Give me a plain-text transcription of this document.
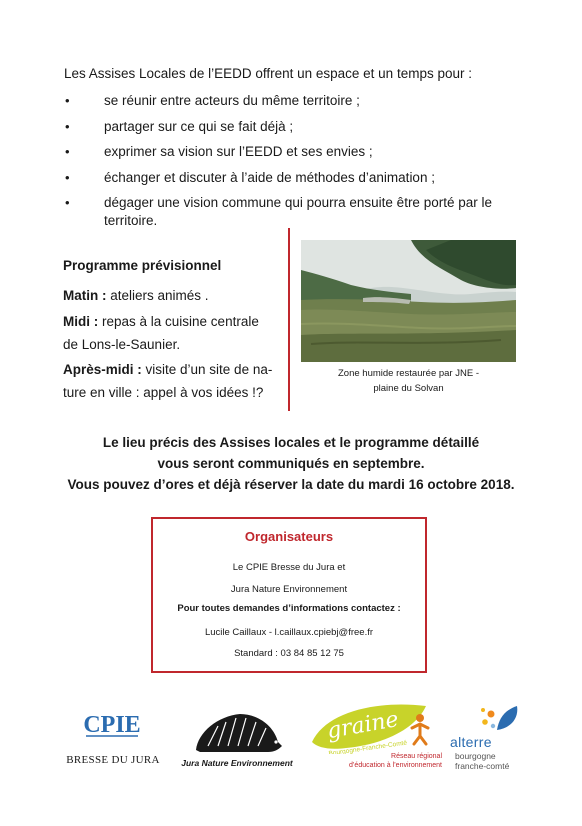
Les Assises Locales de l’EEDD offrent un espace et un temps pour :
•	se réunir entre acteurs du même territoire ;
•	partager sur ce qui se fait déjà ;
•	exprimer sa vision sur l’EEDD et ses envies ;
•	échanger et discuter à l’aide de méthodes d’animation ;
•	dégager une vision commune qui pourra ensuite être porté par le territoire.
Programme prévisionnel
Matin : ateliers animés .
Midi : repas à la cuisine centrale
de Lons-le-Saunier.
Après-midi : visite d’un site de na-
ture en ville : appel à vos idées !?
Zone humide restaurée par JNE -
plaine du Solvan
Le lieu précis des Assises locales et le programme détaillé
vous seront communiqués en septembre.
Vous pouvez d’ores et déjà réserver la date du mardi 16 octobre 2018.
Organisateurs
Le CPIE Bresse du Jura et
Jura Nature Environnement
Pour toutes demandes d’informations contactez :
Lucile Caillaux - l.caillaux.cpiebj@free.fr
Standard : 03 84 85 12 75
CPIE
BRESSE DU JURA	Jura Nature Environnement
graine
Bourgogne-Franche-Comté
Réseau régional
d’éducation à l’environnement
alterre
bourgogne
franche-comté
